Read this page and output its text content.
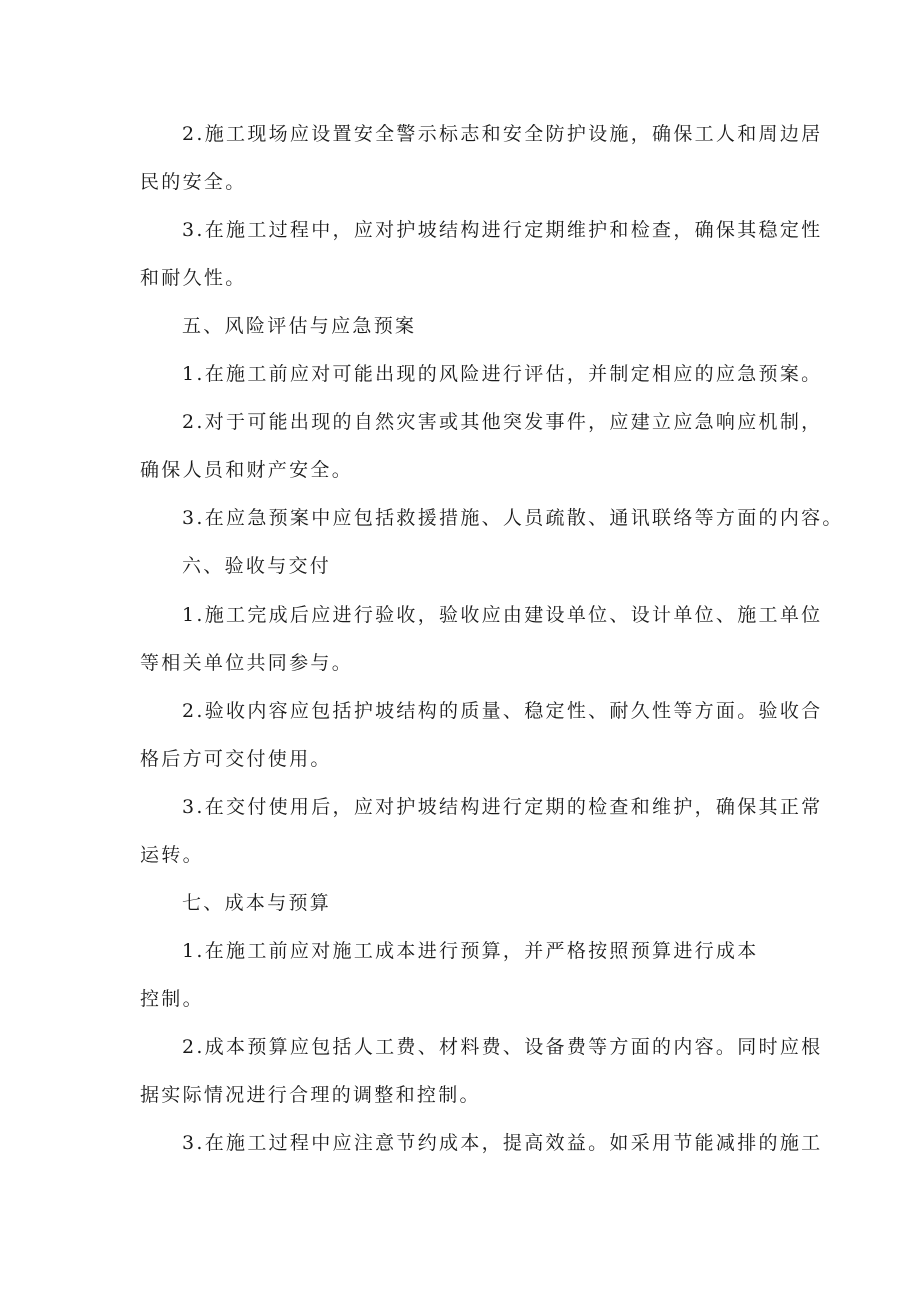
2.施工现场应设置安全警示标志和安全防护设施，确保工人和周边居
民的安全。
3.在施工过程中，应对护坡结构进行定期维护和检查，确保其稳定性
和耐久性。
五、风险评估与应急预案
1.在施工前应对可能出现的风险进行评估，并制定相应的应急预案。
2.对于可能出现的自然灾害或其他突发事件，应建立应急响应机制，
确保人员和财产安全。
3.在应急预案中应包括救援措施、人员疏散、通讯联络等方面的内容。
六、验收与交付
1.施工完成后应进行验收，验收应由建设单位、设计单位、施工单位
等相关单位共同参与。
2.验收内容应包括护坡结构的质量、稳定性、耐久性等方面。验收合
格后方可交付使用。
3.在交付使用后，应对护坡结构进行定期的检查和维护，确保其正常
运转。
七、成本与预算
1.在施工前应对施工成本进行预算，并严格按照预算进行成本
控制。
2.成本预算应包括人工费、材料费、设备费等方面的内容。同时应根
据实际情况进行合理的调整和控制。
3.在施工过程中应注意节约成本，提高效益。如采用节能减排的施工
